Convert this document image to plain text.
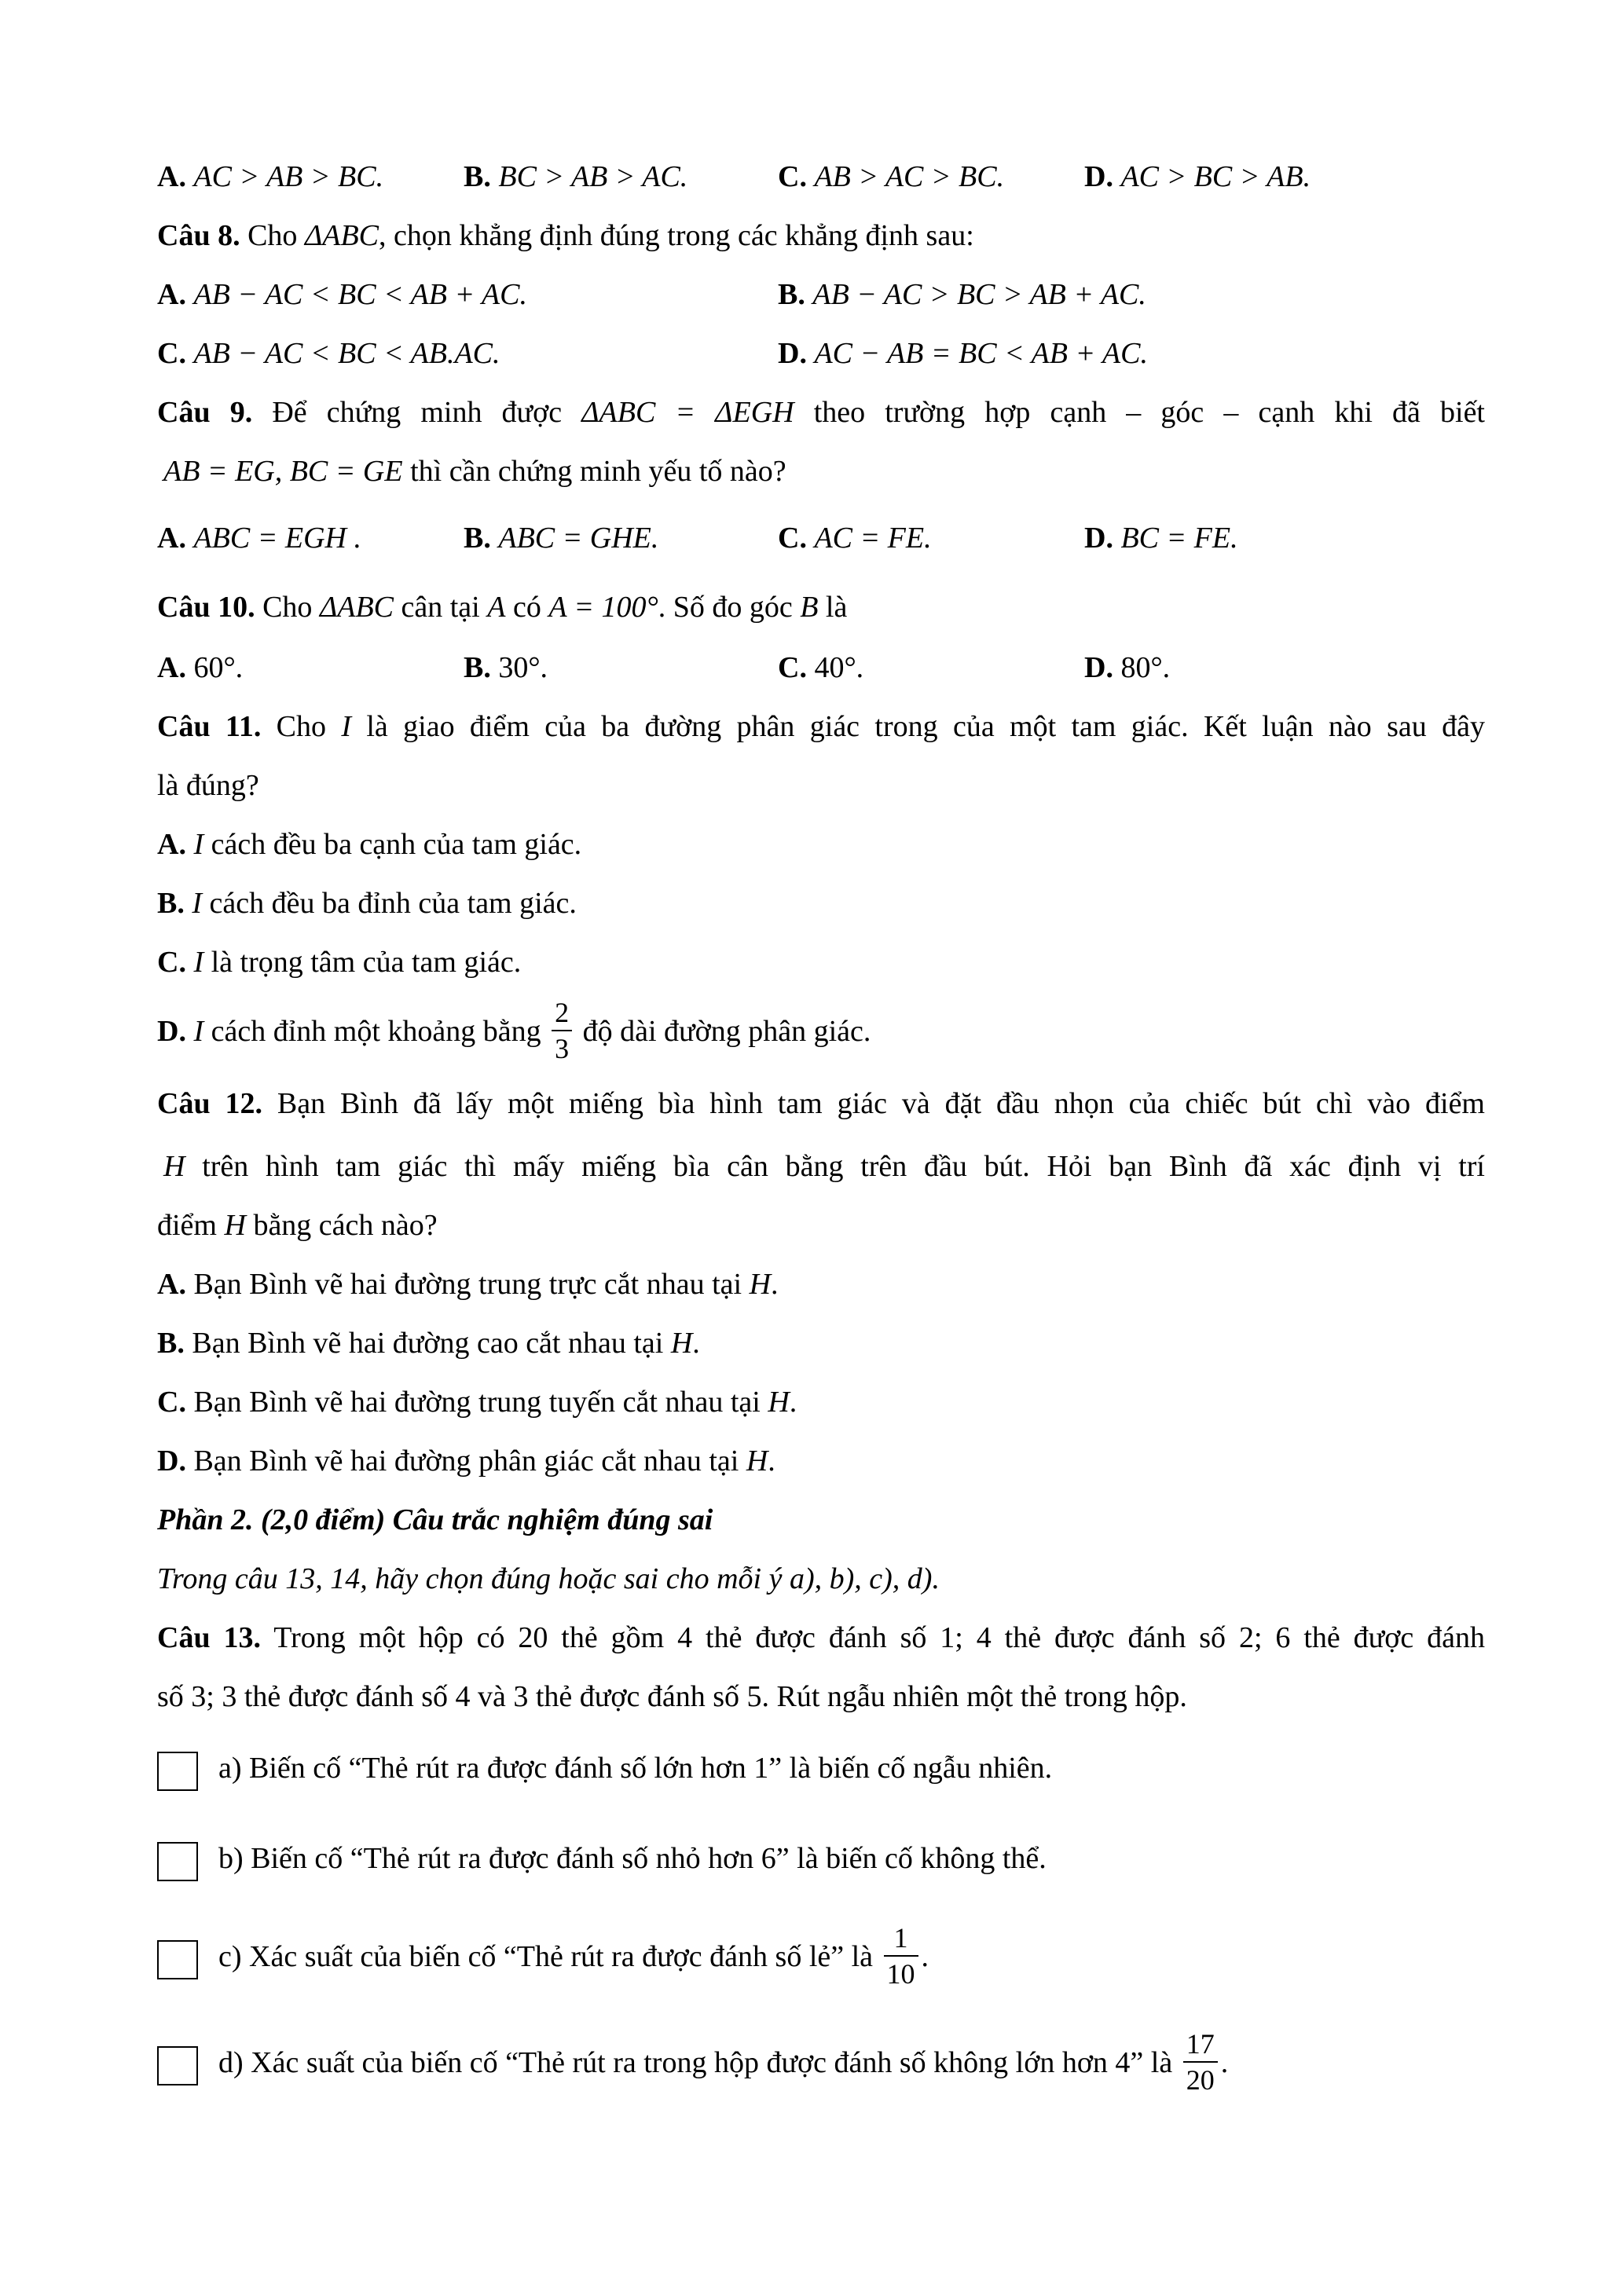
A. AC > AB > BC.	B. BC > AB > AC.	C. AB > AC > BC.	D. AC > BC > AB.
Câu 8. Cho ΔABC, chọn khẳng định đúng trong các khẳng định sau:
A. AB − AC < BC < AB + AC.	B. AB − AC > BC > AB + AC.
C. AB − AC < BC < AB.AC.	D. AC − AB = BC < AB + AC.
Câu 9. Để chứng minh được ΔABC = ΔEGH theo trường hợp cạnh – góc – cạnh khi đã biết
AB = EG, BC = GE thì cần chứng minh yếu tố nào?
A. ABC = EGH .	B. ABC = GHE.	C. AC = FE.	D. BC = FE.
Câu 10. Cho ΔABC cân tại A có A = 100°. Số đo góc B là
A. 60°.	B. 30°.	C. 40°.	D. 80°.
Câu 11. Cho I là giao điểm của ba đường phân giác trong của một tam giác. Kết luận nào sau đây
là đúng?
A. I cách đều ba cạnh của tam giác.
B. I cách đều ba đỉnh của tam giác.
C. I là trọng tâm của tam giác.
D. I cách đỉnh một khoảng bằng $\frac{2}{3}$ độ dài đường phân giác.
Câu 12. Bạn Bình đã lấy một miếng bìa hình tam giác và đặt đầu nhọn của chiếc bút chì vào điểm
H trên hình tam giác thì mấy miếng bìa cân bằng trên đầu bút. Hỏi bạn Bình đã xác định vị trí
điểm H bằng cách nào?
A. Bạn Bình vẽ hai đường trung trực cắt nhau tại H.
B. Bạn Bình vẽ hai đường cao cắt nhau tại H.
C. Bạn Bình vẽ hai đường trung tuyến cắt nhau tại H.
D. Bạn Bình vẽ hai đường phân giác cắt nhau tại H.
Phần 2. (2,0 điểm) Câu trắc nghiệm đúng sai
Trong câu 13, 14, hãy chọn đúng hoặc sai cho mỗi ý a), b), c), d).
Câu 13. Trong một hộp có 20 thẻ gồm 4 thẻ được đánh số 1; 4 thẻ được đánh số 2; 6 thẻ được đánh
số 3; 3 thẻ được đánh số 4 và 3 thẻ được đánh số 5. Rút ngẫu nhiên một thẻ trong hộp.
a) Biến cố “Thẻ rút ra được đánh số lớn hơn 1” là biến cố ngẫu nhiên.
b) Biến cố “Thẻ rút ra được đánh số nhỏ hơn 6” là biến cố không thể.
c) Xác suất của biến cố “Thẻ rút ra được đánh số lẻ” là $\frac{1}{10}$ .
d) Xác suất của biến cố “Thẻ rút ra trong hộp được đánh số không lớn hơn 4” là $\frac{17}{20}$ .
